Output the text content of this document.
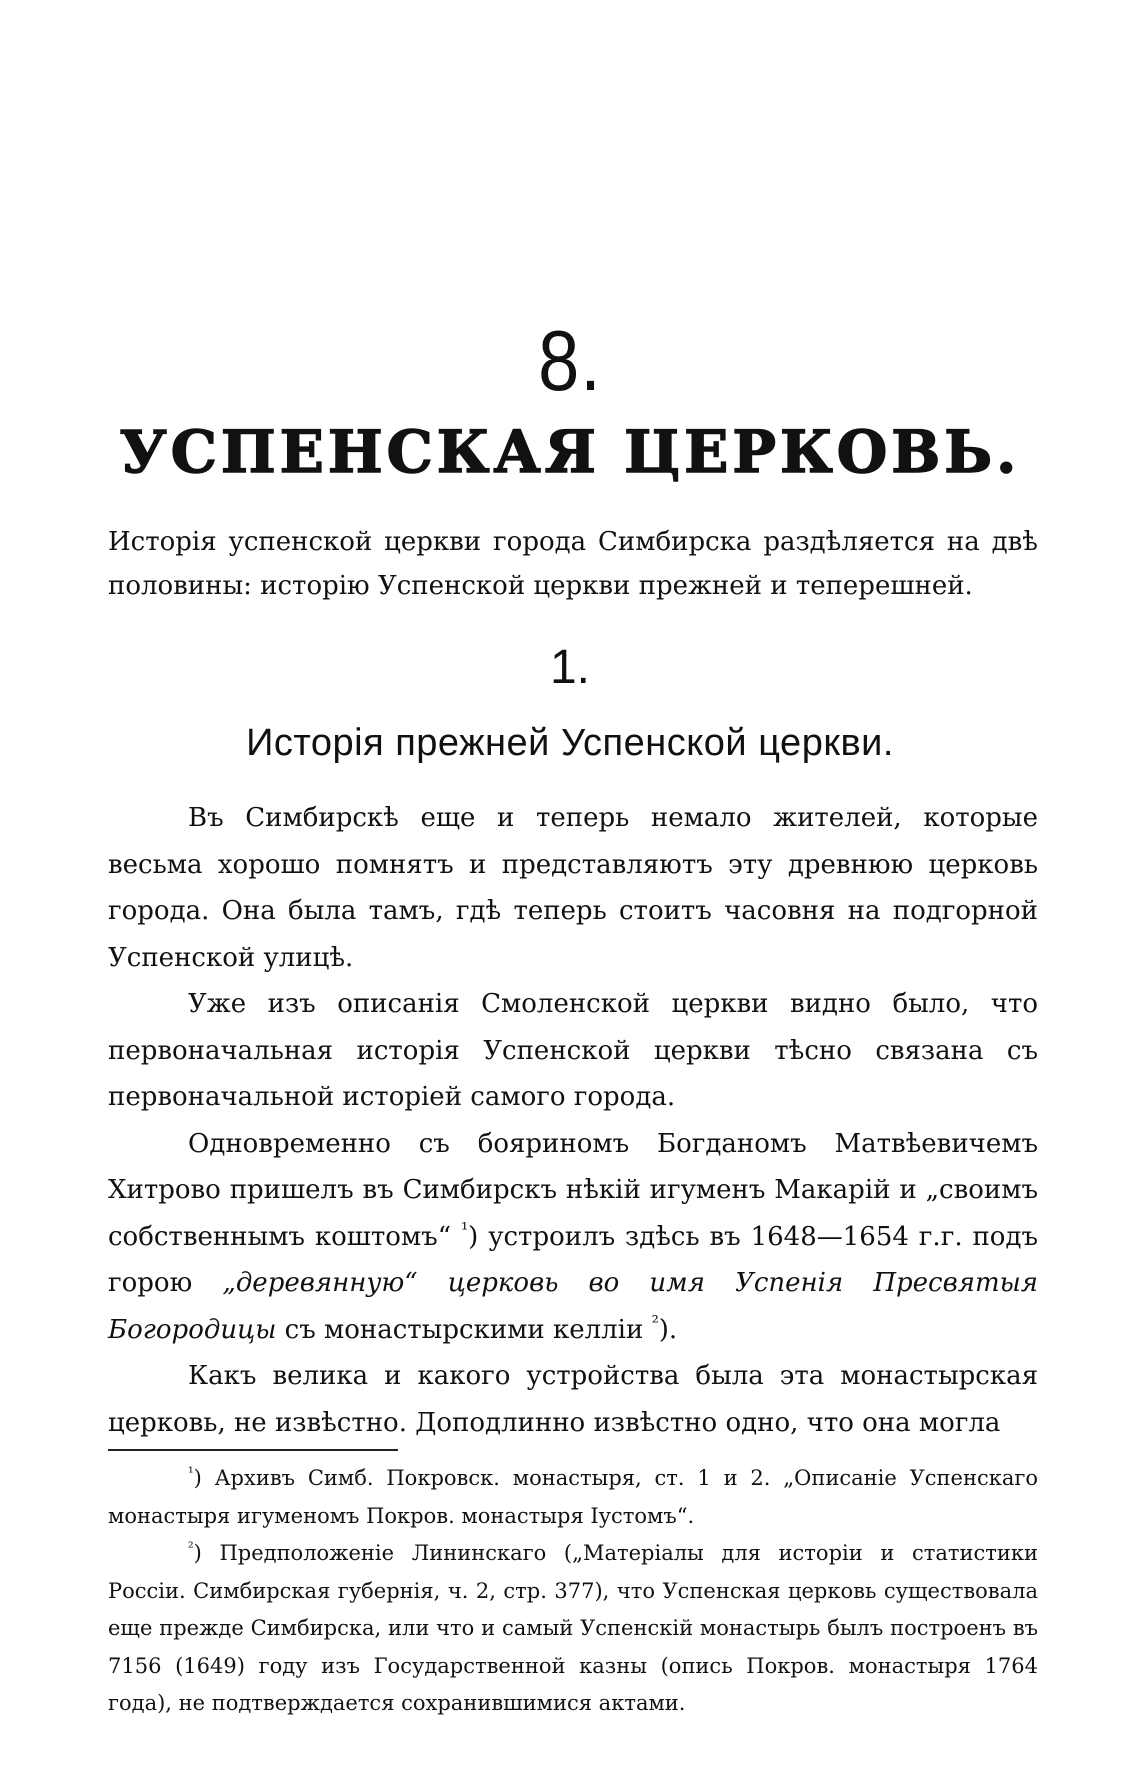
8.
УСПЕНСКАЯ ЦЕРКОВЬ.
Исторія успенской церкви города Симбирска раздѣляется на двѣ половины: исторію Успенской церкви прежней и теперешней.
1.
Исторія прежней Успенской церкви.

Въ Симбирскѣ еще и теперь немало жителей, которые весьма хорошо помнятъ и представляютъ эту древнюю церковь города. Она была тамъ, гдѣ теперь стоитъ часовня на подгорной Успенской улицѣ.

Уже изъ описанія Смоленской церкви видно было, что первоначальная исторія Успенской церкви тѣсно связана съ первоначальной исторіей самого города.

Одновременно съ бояриномъ Богданомъ Матвѣевичемъ Хитрово пришелъ въ Симбирскъ нѣкій игуменъ Макарій и „своимъ собственнымъ коштомъ“ $^{^1}$) устроилъ здѣсь въ 1648—1654 г.г. подъ горою „деревянную“ церковь во имя Успенія Пресвятыя Богородицы съ монастырскими келліи $^{^2}$).

Какъ велика и какого устройства была эта монастырская церковь, не извѣстно. Доподлинно извѣстно одно, что она могла

$^{^1}$) Архивъ Симб. Покровск. монастыря, ст. 1 и 2. „Описаніе Успенскаго монастыря игуменомъ Покров. монастыря Іустомъ“.

$^{^2}$) Предположеніе Лининскаго („Матеріалы для исторіи и статистики Россіи. Симбирская губернія, ч. 2, стр. 377), что Успенская церковь существовала еще прежде Симбирска, или что и самый Успенскій монастырь былъ построенъ въ 7156 (1649) году изъ Государственной казны (опись Покров. монастыря 1764 года), не подтверждается сохранившимися актами.
